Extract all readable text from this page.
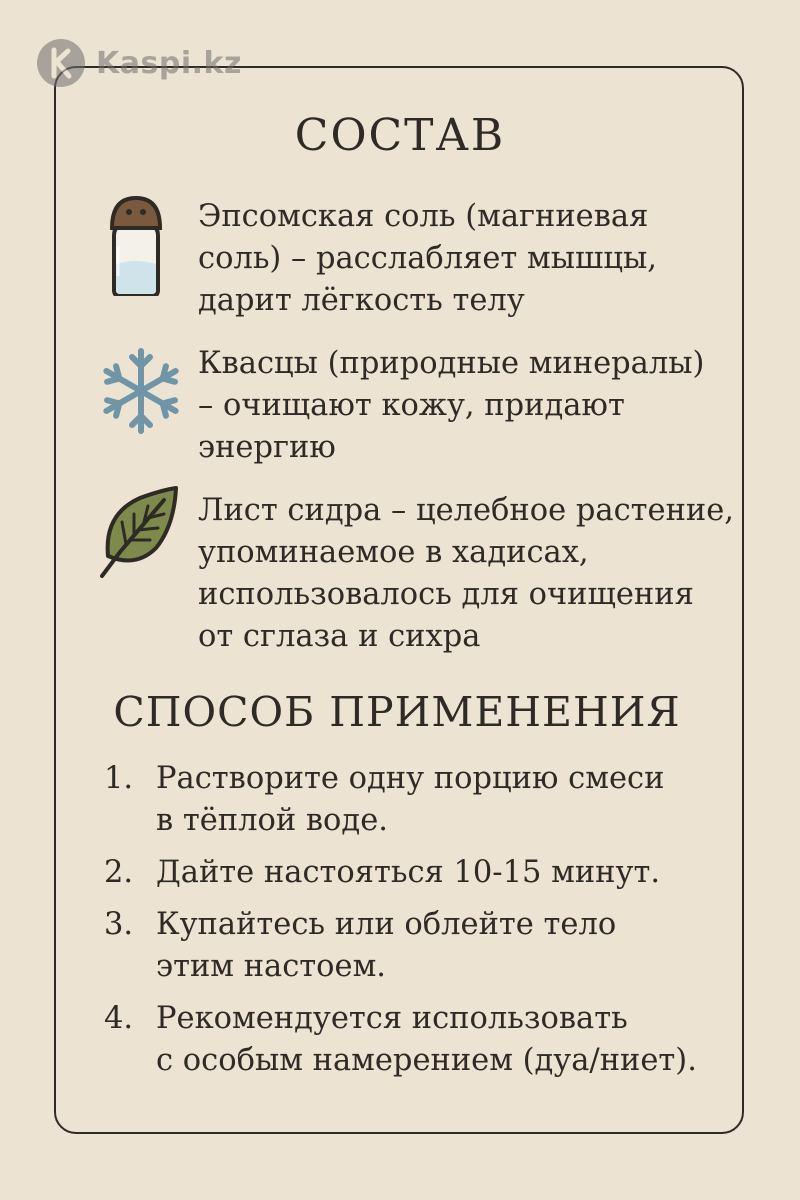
Kaspi.kz
СОСТАВ
Эпсомская соль (магниевая
соль) – расслабляет мышцы,
дарит лёгкость телу
Квасцы (природные минералы)
– очищают кожу, придают
энергию
Лист сидра – целебное растение,
упоминаемое в хадисах,
использовалось для очищения
от сглаза и сихра
СПОСОБ ПРИМЕНЕНИЯ
1. Растворите одну порцию смеси
в тёплой воде.
2. Дайте настояться 10-15 минут.
3. Купайтесь или облейте тело
этим настоем.
4. Рекомендуется использовать
с особым намерением (дуа/ниет).
